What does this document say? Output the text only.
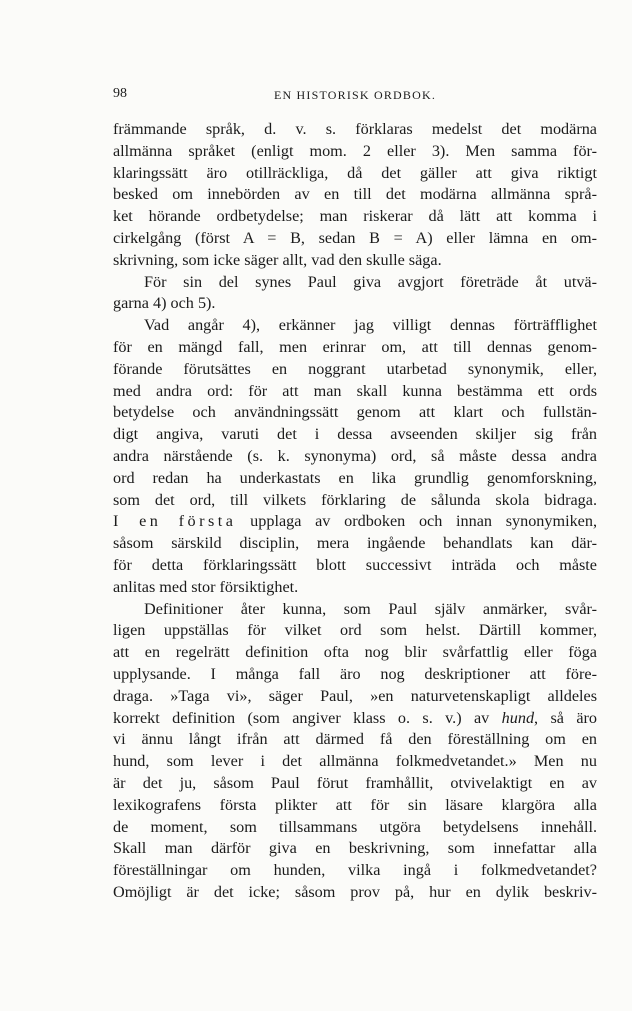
98	EN HISTORISK ORDBOK.
främmande språk, d. v. s. förklaras medelst det modärna
allmänna språket (enligt mom. 2 eller 3). Men samma för-
klaringssätt äro otillräckliga, då det gäller att giva riktigt
besked om innebörden av en till det modärna allmänna språ-
ket hörande ordbetydelse; man riskerar då lätt att komma i
cirkelgång (först A = B, sedan B = A) eller lämna en om-
skrivning, som icke säger allt, vad den skulle säga.
För sin del synes Paul giva avgjort företräde åt utvä-
garna 4) och 5).
Vad angår 4), erkänner jag villigt dennas förträfflighet
för en mängd fall, men erinrar om, att till dennas genom-
förande förutsättes en noggrant utarbetad synonymik, eller,
med andra ord: för att man skall kunna bestämma ett ords
betydelse och användningssätt genom att klart och fullstän-
digt angiva, varuti det i dessa avseenden skiljer sig från
andra närstående (s. k. synonyma) ord, så måste dessa andra
ord redan ha underkastats en lika grundlig genomforskning,
som det ord, till vilkets förklaring de sålunda skola bidraga.
I en första upplaga av ordboken och innan synonymiken,
såsom särskild disciplin, mera ingående behandlats kan där-
för detta förklaringssätt blott successivt inträda och måste
anlitas med stor försiktighet.
Definitioner åter kunna, som Paul själv anmärker, svår-
ligen uppställas för vilket ord som helst. Därtill kommer,
att en regelrätt definition ofta nog blir svårfattlig eller föga
upplysande. I många fall äro nog deskriptioner att före-
draga. »Taga vi», säger Paul, »en naturvetenskapligt alldeles
korrekt definition (som angiver klass o. s. v.) av hund, så äro
vi ännu långt ifrån att därmed få den föreställning om en
hund, som lever i det allmänna folkmedvetandet.» Men nu
är det ju, såsom Paul förut framhållit, otvivelaktigt en av
lexikografens första plikter att för sin läsare klargöra alla
de moment, som tillsammans utgöra betydelsens innehåll.
Skall man därför giva en beskrivning, som innefattar alla
föreställningar om hunden, vilka ingå i folkmedvetandet?
Omöjligt är det icke; såsom prov på, hur en dylik beskriv-
